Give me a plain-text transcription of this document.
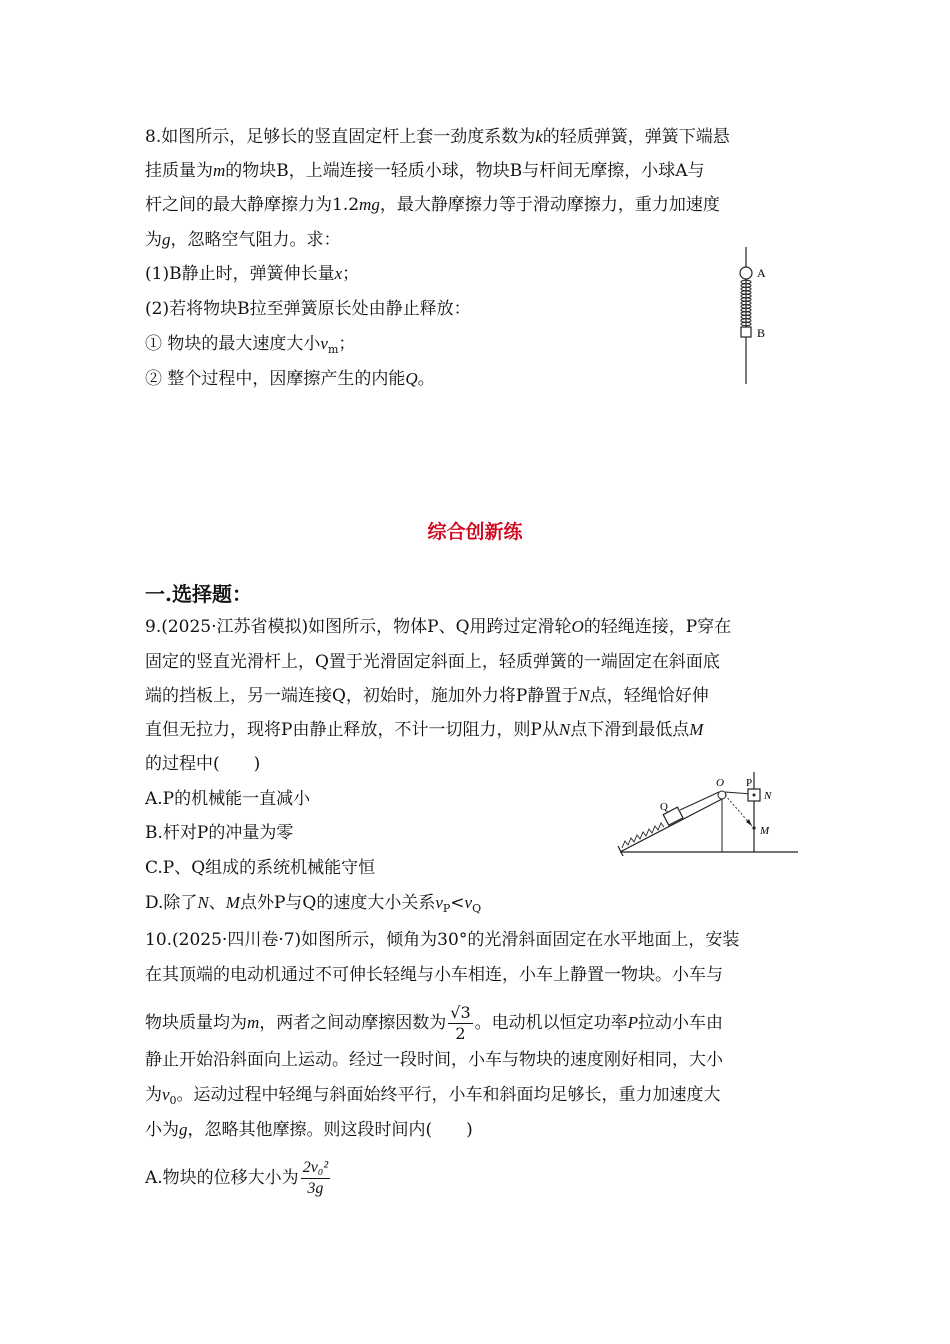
8.如图所示，足够长的竖直固定杆上套一劲度系数为k的轻质弹簧，弹簧下端悬
挂质量为m的物块B，上端连接一轻质小球，物块B与杆间无摩擦，小球A与
杆之间的最大静摩擦力为1.2mg，最大静摩擦力等于滑动摩擦力，重力加速度
为g，忽略空气阻力。求：
(1)B静止时，弹簧伸长量x；
(2)若将物块B拉至弹簧原长处由静止释放：
① 物块的最大速度大小$v_m$；
② 整个过程中，因摩擦产生的内能Q。
A
B
综合创新练
一.选择题：
9.(2025·江苏省模拟)如图所示，物体P、Q用跨过定滑轮O的轻绳连接，P穿在
固定的竖直光滑杆上，Q置于光滑固定斜面上，轻质弹簧的一端固定在斜面底
端的挡板上，另一端连接Q，初始时，施加外力将P静置于N点，轻绳恰好伸
直但无拉力，现将P由静止释放，不计一切阻力，则P从N点下滑到最低点M
的过程中(　　)
A.P的机械能一直减小
B.杆对P的冲量为零
C.P、Q组成的系统机械能守恒
D.除了N、M点外P与Q的速度大小关系$v_P<v_Q$
P
N
O
Q
M
10.(2025·四川卷·7)如图所示，倾角为30°的光滑斜面固定在水平地面上，安装
在其顶端的电动机通过不可伸长轻绳与小车相连，小车上静置一物块。小车与
物块质量均为m，两者之间动摩擦因数为 $\frac{√3}{2}$ 。电动机以恒定功率P拉动小车由
静止开始沿斜面向上运动。经过一段时间，小车与物块的速度刚好相同，大小
为$v_0$。运动过程中轻绳与斜面始终平行，小车和斜面均足够长，重力加速度大
小为g，忽略其他摩擦。则这段时间内(　　)
A.物块的位移大小为 $\frac{\text{2v₀²}}{3g}$
